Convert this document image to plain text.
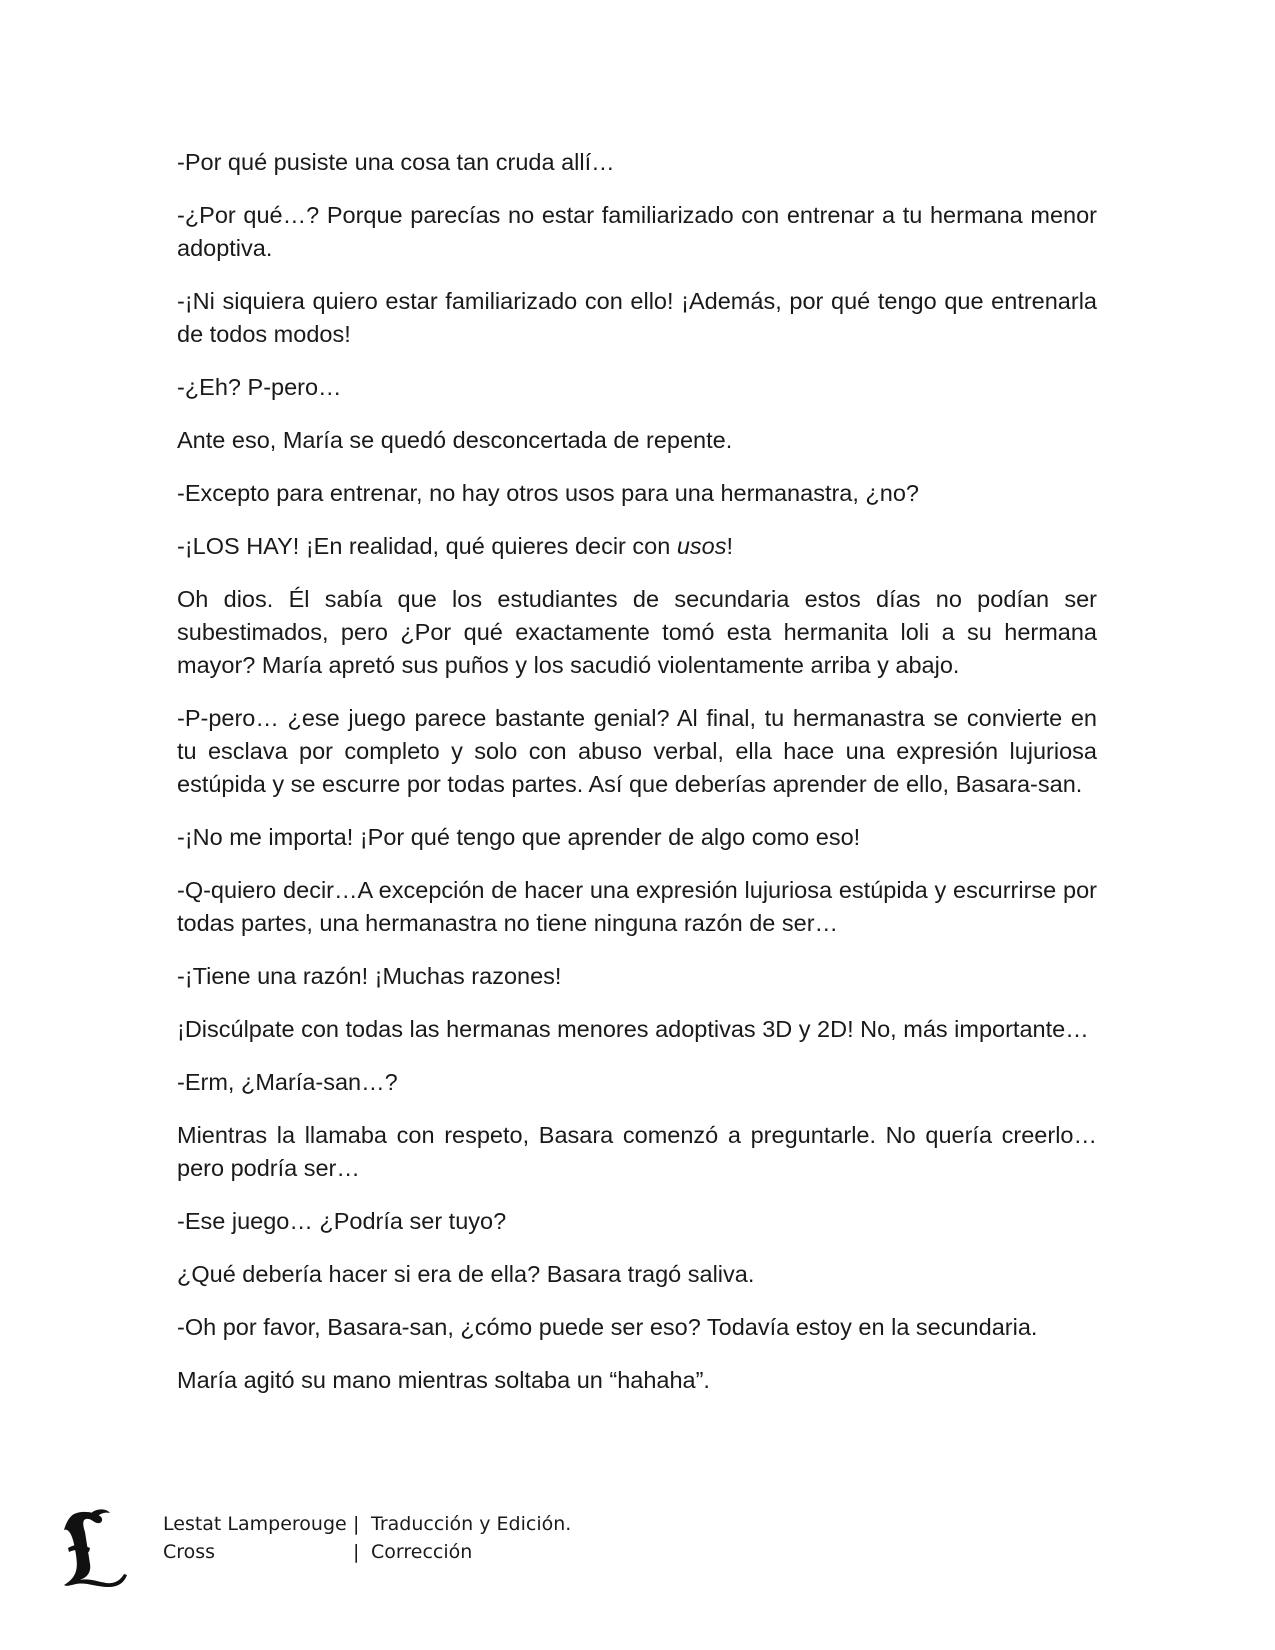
-Por qué pusiste una cosa tan cruda allí…

-¿Por qué…? Porque parecías no estar familiarizado con entrenar a tu hermana menor adoptiva.

-¡Ni siquiera quiero estar familiarizado con ello! ¡Además, por qué tengo que entrenarla de todos modos!

-¿Eh? P-pero…

Ante eso, María se quedó desconcertada de repente.

-Excepto para entrenar, no hay otros usos para una hermanastra, ¿no?

-¡LOS HAY! ¡En realidad, qué quieres decir con usos!

Oh dios. Él sabía que los estudiantes de secundaria estos días no podían ser subestimados, pero ¿Por qué exactamente tomó esta hermanita loli a su hermana mayor? María apretó sus puños y los sacudió violentamente arriba y abajo.

-P-pero… ¿ese juego parece bastante genial? Al final, tu hermanastra se convierte en tu esclava por completo y solo con abuso verbal, ella hace una expresión lujuriosa estúpida y se escurre por todas partes. Así que deberías aprender de ello, Basara-san.

-¡No me importa! ¡Por qué tengo que aprender de algo como eso!

-Q-quiero decir…A excepción de hacer una expresión lujuriosa estúpida y escurrirse por todas partes, una hermanastra no tiene ninguna razón de ser…

-¡Tiene una razón! ¡Muchas razones!

¡Discúlpate con todas las hermanas menores adoptivas 3D y 2D! No, más importante…

-Erm, ¿María-san…?

Mientras la llamaba con respeto, Basara comenzó a preguntarle. No quería creerlo…pero podría ser…

-Ese juego… ¿Podría ser tuyo?

¿Qué debería hacer si era de ella? Basara tragó saliva.

-Oh por favor, Basara-san, ¿cómo puede ser eso? Todavía estoy en la secundaria.

María agitó su mano mientras soltaba un “hahaha”.

Lestat Lamperouge | Traducción y Edición.
Cross	| Corrección
